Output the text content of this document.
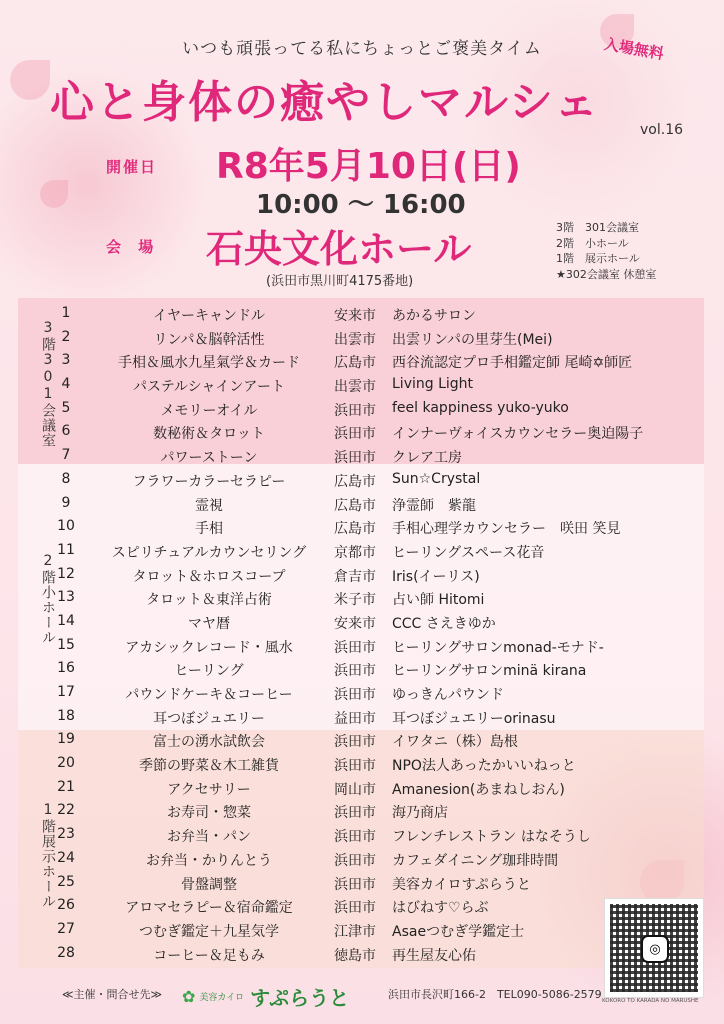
いつも頑張ってる私にちょっとご褒美タイム	入場無料
心と身体の癒やしマルシェ
vol.16
開催日 R8年5月10日(日)
10:00 ～ 16:00
会 場 石央文化ホール
(浜田市黒川町4175番地)
3階　301会議室
2階　小ホール
1階　展示ホール
★302会議室 休憩室
3階301会議室
2階小ホール
1階展示ホール
1	イヤーキャンドル	安来市 あかるサロン
2	リンパ＆脳幹活性	出雲市 出雲リンパの里芽生(Mei)
3	手相＆風水九星氣学＆カード	広島市 西谷流認定プロ手相鑑定師 尾崎✡師匠
4	パステルシャインアート	出雲市 Living Light
5	メモリーオイル	浜田市 feel kappiness yuko-yuko
6	数秘術＆タロット	浜田市 インナーヴォイスカウンセラー奥迫陽子
7	パワーストーン	浜田市 クレア工房
8	フラワーカラーセラピー	広島市 Sun☆Crystal
9	霊視	広島市 浄霊師　紫龍
10	手相	広島市 手相心理学カウンセラー　咲田 笑見
11	スピリチュアルカウンセリング	京都市 ヒーリングスペース花音
12	タロット＆ホロスコープ	倉吉市 Iris(イーリス)
13	タロット＆東洋占術	米子市 占い師 Hitomi
14	マヤ暦	安来市 CCC さえきゆか
15	アカシックレコード・風水	浜田市 ヒーリングサロンmonad-モナド-
16	ヒーリング	浜田市 ヒーリングサロンminä kirana
17	パウンドケーキ＆コーヒー	浜田市 ゆっきんパウンド
18	耳つぼジュエリー	益田市 耳つぼジュエリーorinasu
19	富士の湧水試飲会	浜田市 イワタニ（株）島根
20	季節の野菜＆木工雑貨	浜田市 NPO法人あったかいいねっと
21	アクセサリー	岡山市 Amanesion(あまねしおん)
22	お寿司・惣菜	浜田市 海乃商店
23	お弁当・パン	浜田市 フレンチレストラン はなそうし
24	お弁当・かりんとう	浜田市 カフェダイニング珈琲時間
25	骨盤調整	浜田市 美容カイロすぷらうと
26	アロマセラピー＆宿命鑑定	浜田市 はびねす♡らぶ
27	つむぎ鑑定＋九星気学	江津市 Asaeつむぎ学鑑定士
28	コーヒー＆足もみ	徳島市 再生屋友心佑	◎
KOKORO TO KARADA NO MARUSHE
≪主催・問合せ先≫ ✿ 美容カイロ すぷらうと	浜田市長沢町166-2　TEL090-5086-2579
